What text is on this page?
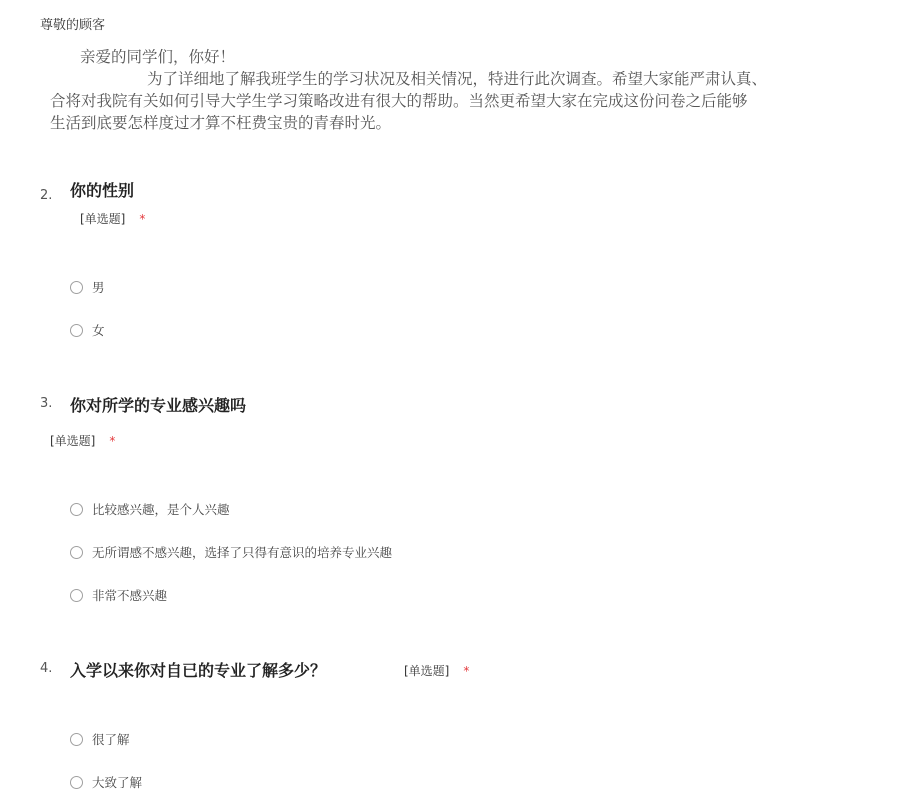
尊敬的顾客
亲爱的同学们，你好！
为了详细地了解我班学生的学习状况及相关情况，特进行此次调查。希望大家能严肃认真、
合将对我院有关如何引导大学生学习策略改进有很大的帮助。当然更希望大家在完成这份问卷之后能够
生活到底要怎样度过才算不枉费宝贵的青春时光。
2. 你的性别
[单选题] *
男
女
3. 你对所学的专业感兴趣吗
[单选题] *
比较感兴趣，是个人兴趣
无所谓感不感兴趣，选择了只得有意识的培养专业兴趣
非常不感兴趣
4. 入学以来你对自已的专业了解多少？	[单选题] *
很了解
大致了解
